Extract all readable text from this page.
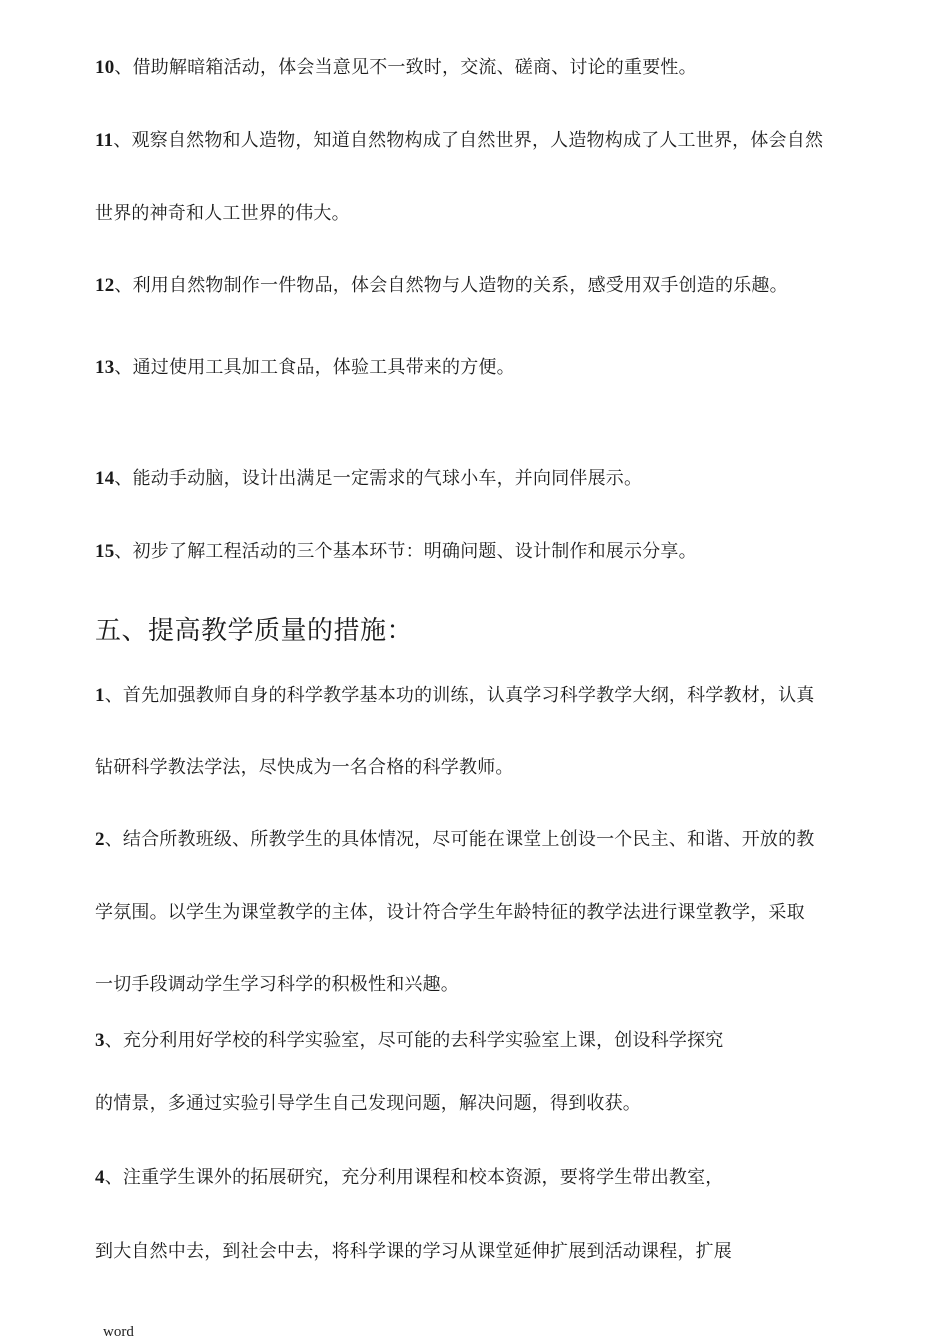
10、借助解暗箱活动，体会当意见不一致时，交流、磋商、讨论的重要性。

11、观察自然物和人造物，知道自然物构成了自然世界，人造物构成了人工世界，体会自然

世界的神奇和人工世界的伟大。

12、利用自然物制作一件物品，体会自然物与人造物的关系，感受用双手创造的乐趣。

13、通过使用工具加工食品，体验工具带来的方便。

14、能动手动脑，设计出满足一定需求的气球小车，并向同伴展示。

15、初步了解工程活动的三个基本环节：明确问题、设计制作和展示分享。

五、提高教学质量的措施：

1、首先加强教师自身的科学教学基本功的训练，认真学习科学教学大纲，科学教材，认真

钻研科学教法学法，尽快成为一名合格的科学教师。

2、结合所教班级、所教学生的具体情况，尽可能在课堂上创设一个民主、和谐、开放的教

学氛围。以学生为课堂教学的主体，设计符合学生年龄特征的教学法进行课堂教学，采取

一切手段调动学生学习科学的积极性和兴趣。

3、充分利用好学校的科学实验室，尽可能的去科学实验室上课，创设科学探究

的情景，多通过实验引导学生自己发现问题，解决问题，得到收获。

4、注重学生课外的拓展研究，充分利用课程和校本资源，要将学生带出教室，

到大自然中去，到社会中去，将科学课的学习从课堂延伸扩展到活动课程，扩展

word
